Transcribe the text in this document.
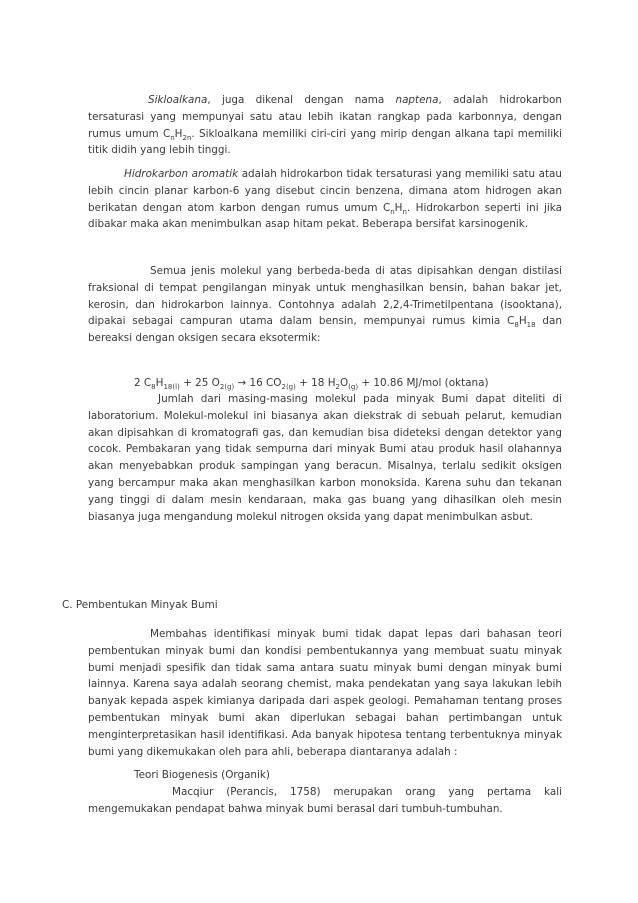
Sikloalkana, juga dikenal dengan nama naptena, adalah hidrokarbon tersaturasi yang mempunyai satu atau lebih ikatan rangkap pada karbonnya, dengan rumus umum $C_nH_{2n}$. Sikloalkana memiliki ciri-ciri yang mirip dengan alkana tapi memiliki titik didih yang lebih tinggi.

Hidrokarbon aromatik adalah hidrokarbon tidak tersaturasi yang memiliki satu atau lebih cincin planar karbon-6 yang disebut cincin benzena, dimana atom hidrogen akan berikatan dengan atom karbon dengan rumus umum $C_nH_n$. Hidrokarbon seperti ini jika dibakar maka akan menimbulkan asap hitam pekat. Beberapa bersifat karsinogenik.

Semua jenis molekul yang berbeda-beda di atas dipisahkan dengan distilasi fraksional di tempat pengilangan minyak untuk menghasilkan bensin, bahan bakar jet, kerosin, dan hidrokarbon lainnya. Contohnya adalah 2,2,4-Trimetilpentana (isooktana), dipakai sebagai campuran utama dalam bensin, mempunyai rumus kimia $C_8H_{18}$ dan bereaksi dengan oksigen secara eksotermik:

2 $C_8H_{18(l)} + 25$ $O_{2(g)} \to 16$ $CO_{2(g)} + 18$ $H_2O_{(g)} + 10.86$ MJ/mol (oktana)

Jumlah dari masing-masing molekul pada minyak Bumi dapat diteliti di laboratorium. Molekul-molekul ini biasanya akan diekstrak di sebuah pelarut, kemudian akan dipisahkan di kromatografi gas, dan kemudian bisa dideteksi dengan detektor yang cocok. Pembakaran yang tidak sempurna dari minyak Bumi atau produk hasil olahannya akan menyebabkan produk sampingan yang beracun. Misalnya, terlalu sedikit oksigen yang bercampur maka akan menghasilkan karbon monoksida. Karena suhu dan tekanan yang tinggi di dalam mesin kendaraan, maka gas buang yang dihasilkan oleh mesin biasanya juga mengandung molekul nitrogen oksida yang dapat menimbulkan asbut.

C. Pembentukan Minyak Bumi

Membahas identifikasi minyak bumi tidak dapat lepas dari bahasan teori pembentukan minyak bumi dan kondisi pembentukannya yang membuat suatu minyak bumi menjadi spesifik dan tidak sama antara suatu minyak bumi dengan minyak bumi lainnya. Karena saya adalah seorang chemist, maka pendekatan yang saya lakukan lebih banyak kepada aspek kimianya daripada dari aspek geologi. Pemahaman tentang proses pembentukan minyak bumi akan diperlukan sebagai bahan pertimbangan untuk menginterpretasikan hasil identifikasi. Ada banyak hipotesa tentang terbentuknya minyak bumi yang dikemukakan oleh para ahli, beberapa diantaranya adalah :

Teori Biogenesis (Organik)

Macqiur (Perancis, 1758) merupakan orang yang pertama kali mengemukakan pendapat bahwa minyak bumi berasal dari tumbuh-tumbuhan.
